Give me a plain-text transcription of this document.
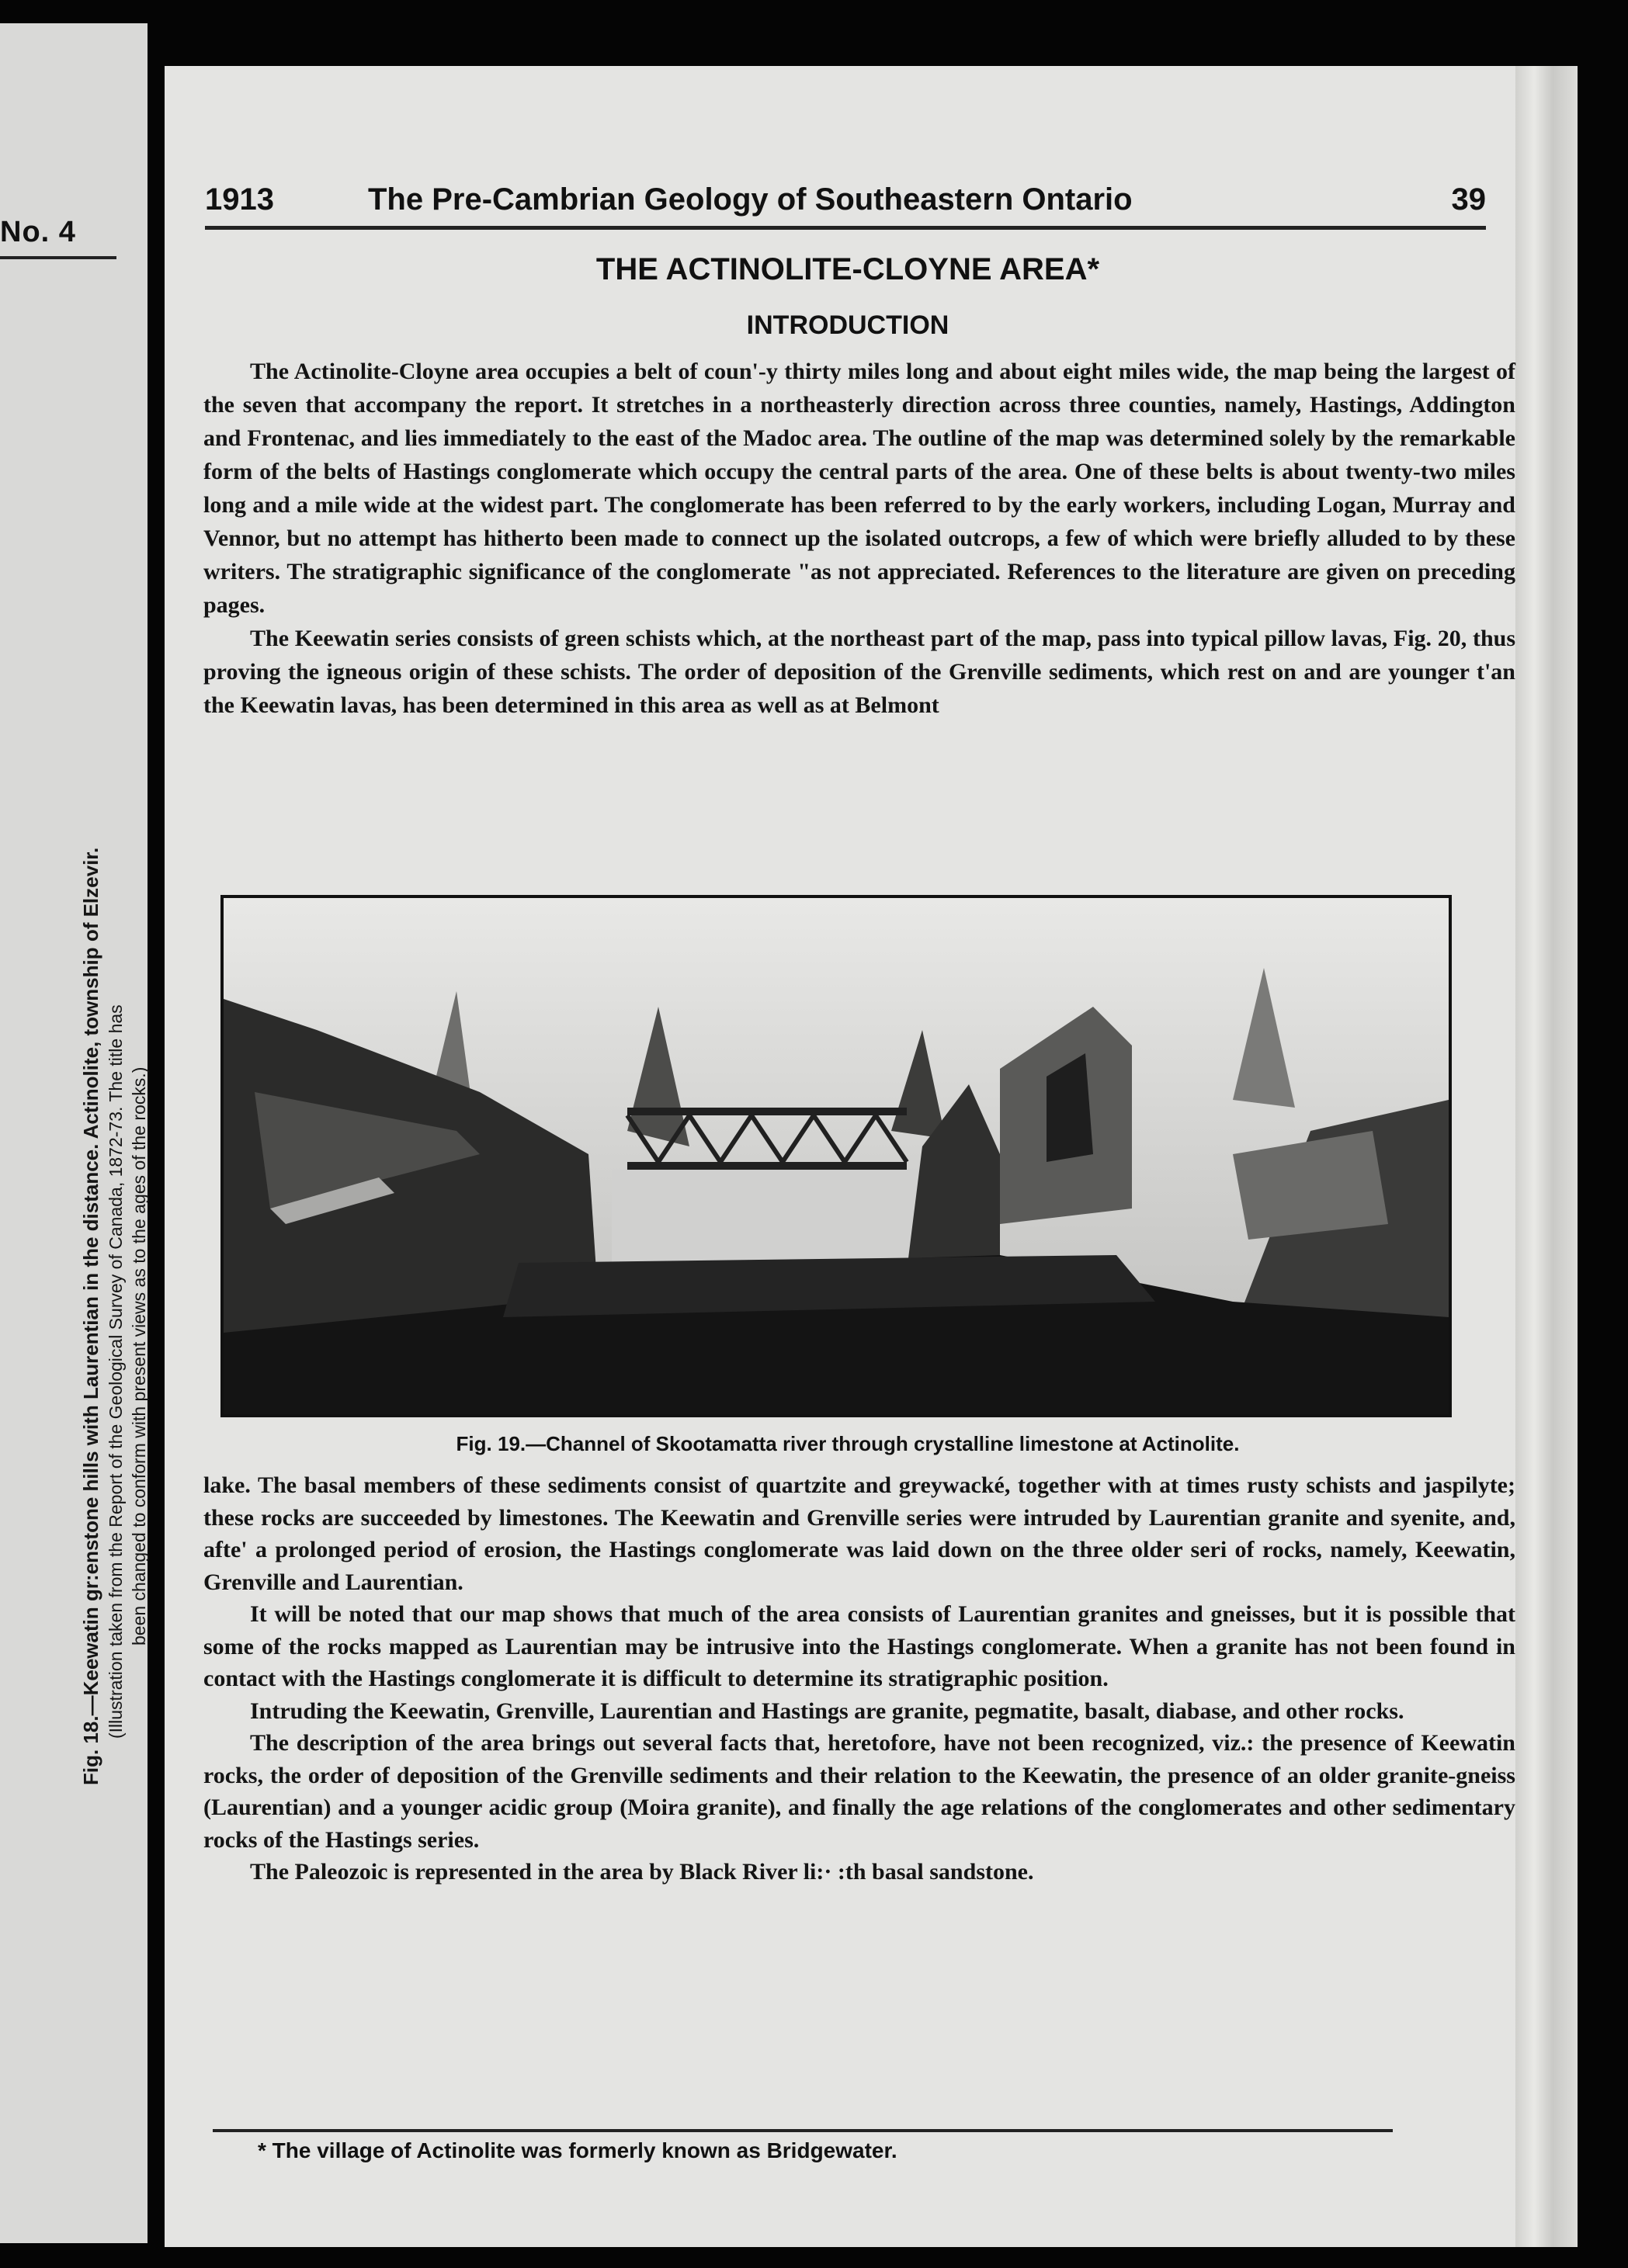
No. 4
Fig. 18.—Keewatin gr:enstone hills with Laurentian in the distance. Actinolite, township of Elzevir. (Illustration taken from the Report of the Geological Survey of Canada, 1872-73. The title has been changed to conform with present views as to the ages of the rocks.)
1913	The Pre-Cambrian Geology of Southeastern Ontario	39
THE ACTINOLITE-CLOYNE AREA*
INTRODUCTION

The Actinolite-Cloyne area occupies a belt of coun'-y thirty miles long and about eight miles wide, the map being the largest of the seven that accompany the report. It stretches in a northeasterly direction across three counties, namely, Hastings, Addington and Frontenac, and lies immediately to the east of the Madoc area. The outline of the map was determined solely by the remarkable form of the belts of Hastings conglomerate which occupy the central parts of the area. One of these belts is about twenty-two miles long and a mile wide at the widest part. The conglomerate has been referred to by the early workers, including Logan, Murray and Vennor, but no attempt has hitherto been made to connect up the isolated outcrops, a few of which were briefly alluded to by these writers. The stratigraphic significance of the conglomerate "as not appreciated. References to the literature are given on preceding pages.

The Keewatin series consists of green schists which, at the northeast part of the map, pass into typical pillow lavas, Fig. 20, thus proving the igneous origin of these schists. The order of deposition of the Grenville sediments, which rest on and are younger t'an the Keewatin lavas, has been determined in this area as well as at Belmont

Fig. 19.—Channel of Skootamatta river through crystalline limestone at Actinolite.

lake. The basal members of these sediments consist of quartzite and greywacké, together with at times rusty schists and jaspilyte; these rocks are succeeded by limestones. The Keewatin and Grenville series were intruded by Laurentian granite and syenite, and, afte' a prolonged period of erosion, the Hastings conglomerate was laid down on the three older seri of rocks, namely, Keewatin, Grenville and Laurentian.

It will be noted that our map shows that much of the area consists of Laurentian granites and gneisses, but it is possible that some of the rocks mapped as Laurentian may be intrusive into the Hastings conglomerate. When a granite has not been found in contact with the Hastings conglomerate it is difficult to determine its stratigraphic position.

Intruding the Keewatin, Grenville, Laurentian and Hastings are granite, pegmatite, basalt, diabase, and other rocks.

The description of the area brings out several facts that, heretofore, have not been recognized, viz.: the presence of Keewatin rocks, the order of deposition of the Grenville sediments and their relation to the Keewatin, the presence of an older granite-gneiss (Laurentian) and a younger acidic group (Moira granite), and finally the age relations of the conglomerates and other sedimentary rocks of the Hastings series.

The Paleozoic is represented in the area by Black River li:· :th basal sandstone.

* The village of Actinolite was formerly known as Bridgewater.
